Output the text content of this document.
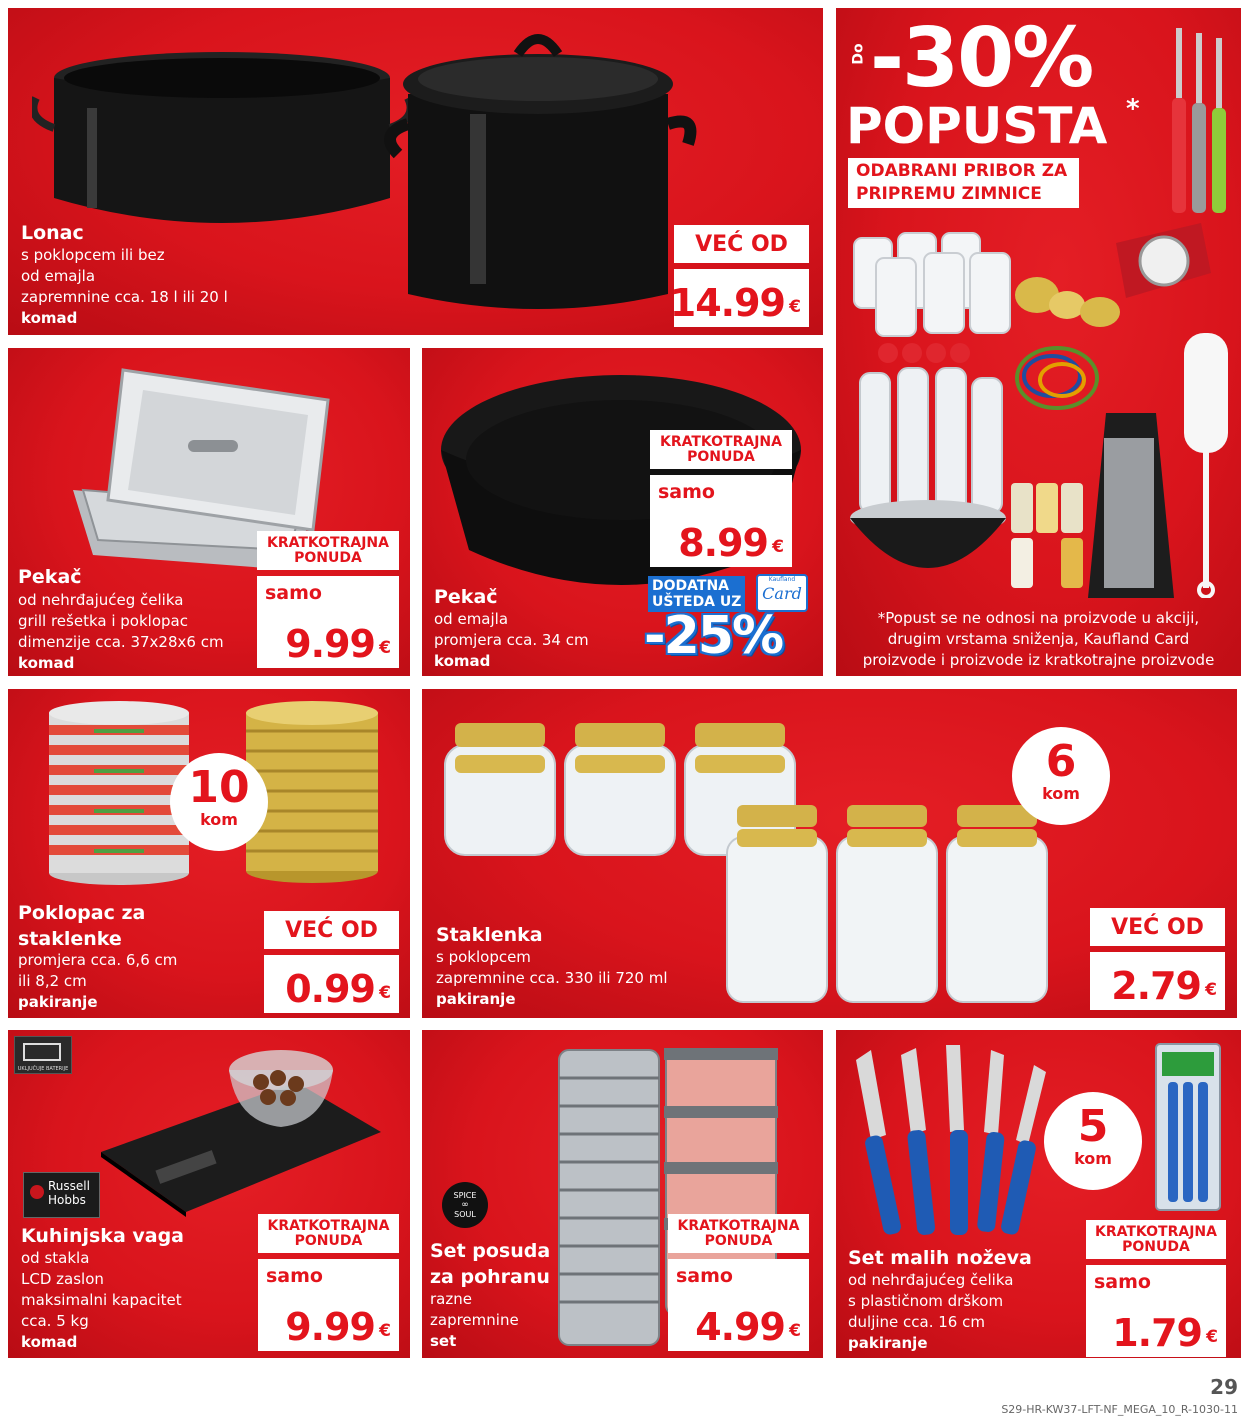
Lonac
s poklopcem ili bez
od emajla
zapremnine cca. 18 l ili 20 l
komad
VEĆ OD
14.99 €
Do -30%
POPUSTA *
ODABRANI PRIBOR ZA
PRIPREMU ZIMNICE
*Popust se ne odnosi na proizvode u akciji,
drugim vrstama sniženja, Kaufland Card
proizvode i proizvode iz kratkotrajne proizvode
Pekač
od nehrđajućeg čelika
grill rešetka i poklopac
dimenzije cca. 37x28x6 cm
komad
KRATKOTRAJNA
PONUDA
samo
9.99 €
Pekač
od emajla
promjera cca. 34 cm
komad
KRATKOTRAJNA
PONUDA
samo
8.99 €
DODATNA
UŠTEDA UZ
Kaufland
Card
-25%
10
kom
Poklopac za
staklenke
promjera cca. 6,6 cm
ili 8,2 cm
pakiranje
VEĆ OD
0.99 €
6
kom
Staklenka
s poklopcem
zapremnine cca. 330 ili 720 ml
pakiranje
VEĆ OD
2.79 €
UKLJUČUJE BATERIJE
Russell
Hobbs
Kuhinjska vaga
od stakla
LCD zaslon
maksimalni kapacitet
cca. 5 kg
komad
KRATKOTRAJNA
PONUDA
samo
9.99 €
SPICE
∞
SOUL
Set posuda
za pohranu
razne
zapremnine
set
KRATKOTRAJNA
PONUDA
samo
4.99 €
5
kom
Set malih noževa
od nehrđajućeg čelika
s plastičnom drškom
duljine cca. 16 cm
pakiranje
KRATKOTRAJNA
PONUDA
samo
1.79 €
29
S29-HR-KW37-LFT-NF_MEGA_10_R-1030-11
